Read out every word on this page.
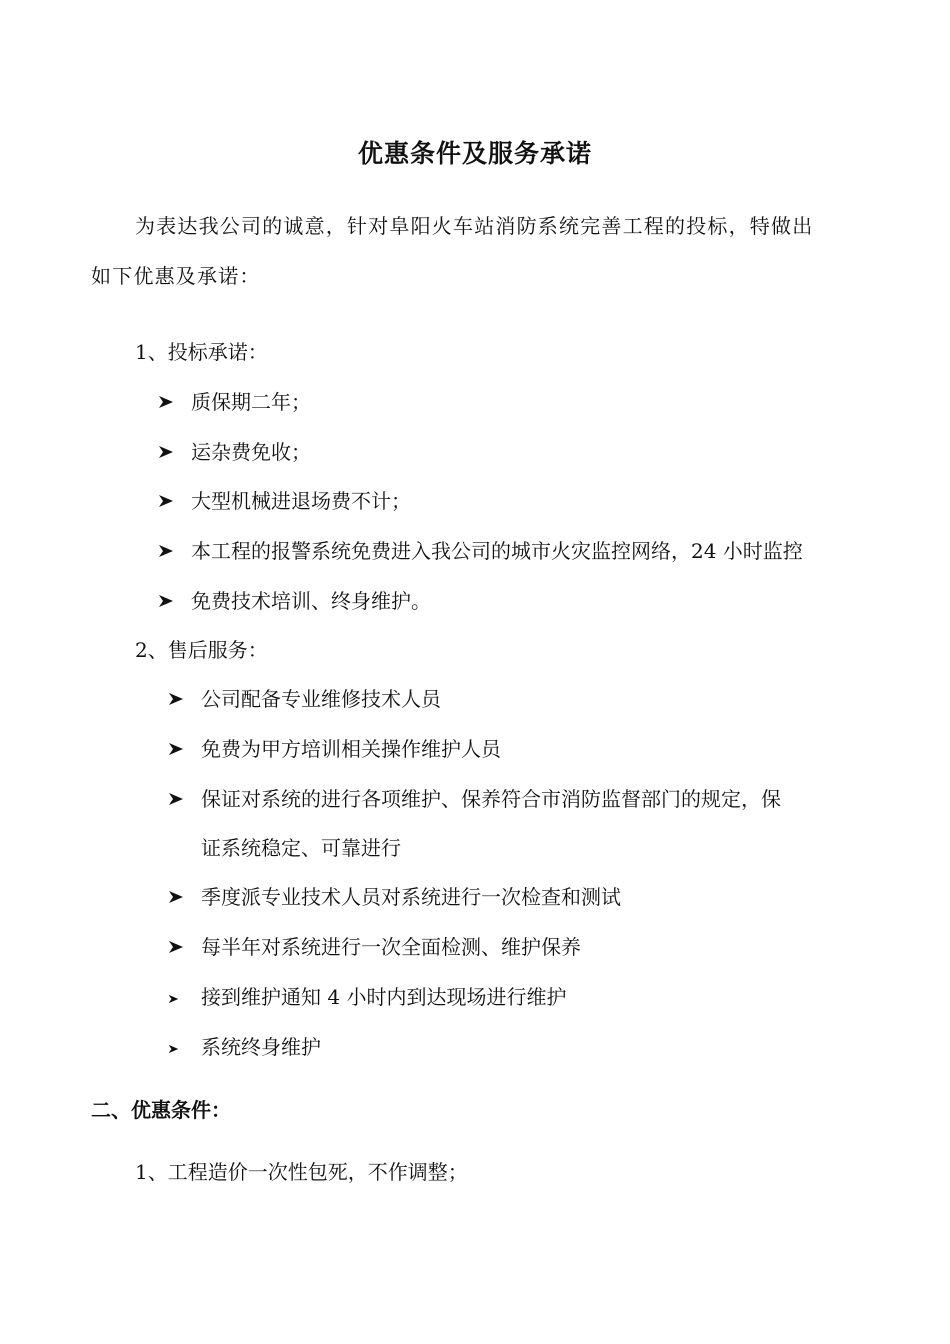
优惠条件及服务承诺
为表达我公司的诚意，针对阜阳火车站消防系统完善工程的投标，特做出
如下优惠及承诺：
1、投标承诺：
质保期二年；
运杂费免收；
大型机械进退场费不计；
本工程的报警系统免费进入我公司的城市火灾监控网络，24 小时监控
免费技术培训、终身维护。
2、售后服务：
公司配备专业维修技术人员
免费为甲方培训相关操作维护人员
保证对系统的进行各项维护、保养符合市消防监督部门的规定，保
证系统稳定、可靠进行
季度派专业技术人员对系统进行一次检查和测试
每半年对系统进行一次全面检测、维护保养
接到维护通知 4 小时内到达现场进行维护
系统终身维护
二、优惠条件：
1、工程造价一次性包死，不作调整；
